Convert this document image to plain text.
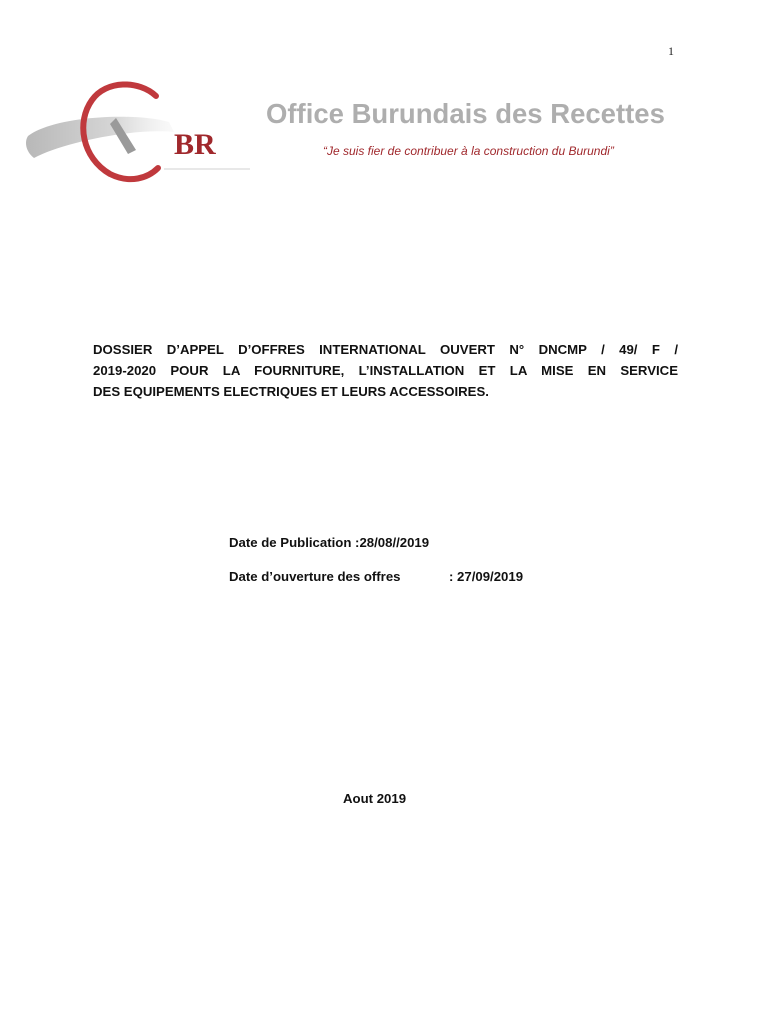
1
BR
Office Burundais des Recettes
“Je suis fier de contribuer à la construction du Burundi”
DOSSIER D’APPEL D’OFFRES INTERNATIONAL OUVERT N° DNCMP / 49/ F /
2019-2020 POUR LA FOURNITURE, L’INSTALLATION ET LA MISE EN SERVICE
DES EQUIPEMENTS ELECTRIQUES ET LEURS ACCESSOIRES.
Date de Publication :28/08//2019
Date d’ouverture des offres	: 27/09/2019
Aout 2019
